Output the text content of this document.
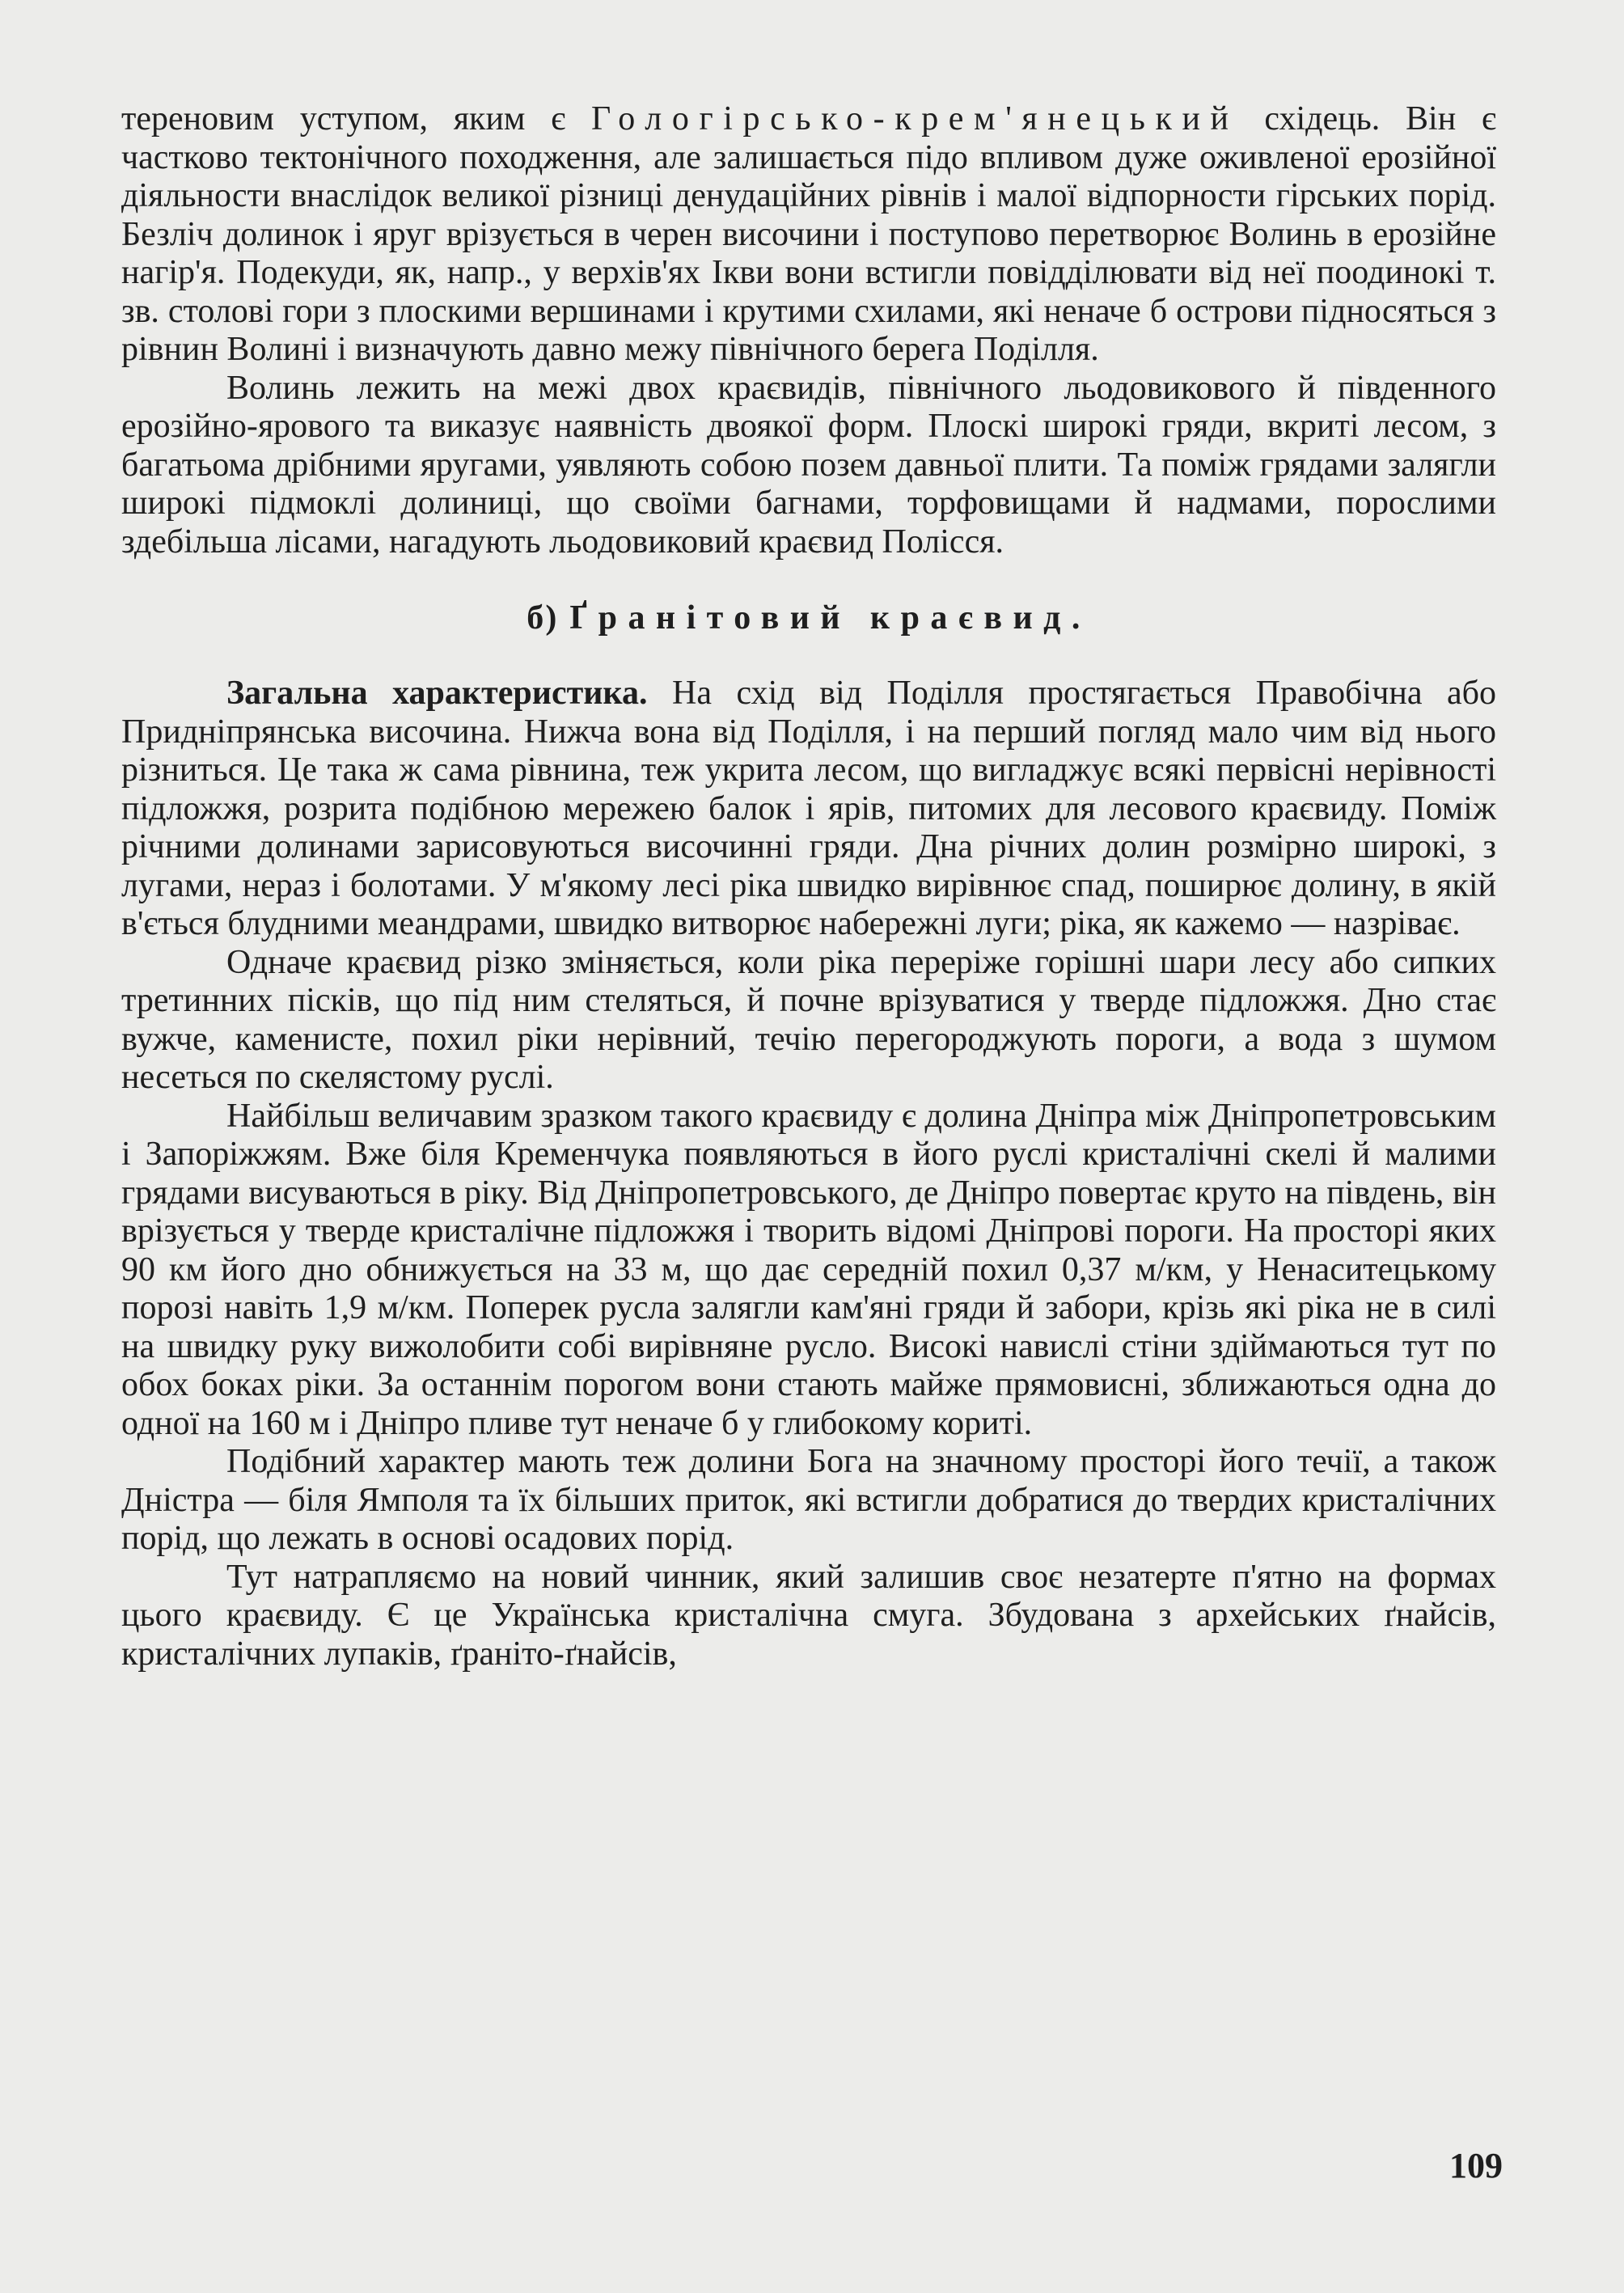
тереновим уступом, яким є Гологірсько-крем'янецький східець. Він є частково тектонічного походження, але залишається підо впливом дуже оживленої ерозійної діяльности внаслідок великої різниці денудаційних рівнів і малої відпорности гірських порід. Безліч долинок і яруг врізується в черен височини і поступово перетворює Волинь в ерозійне нагір'я. Подекуди, як, напр., у верхів'ях Ікви вони встигли повідділювати від неї поодинокі т. зв. столові гори з плоскими вершинами і крутими схилами, які неначе б острови підносяться з рівнин Волині і визначують давно межу північного берега Поділля.

Волинь лежить на межі двох краєвидів, північного льодовикового й південного ерозійно-ярового та виказує наявність двоякої форм. Плоскі широкі гряди, вкриті лесом, з багатьома дрібними яругами, уявляють собою позем давньої плити. Та поміж грядами залягли широкі підмоклі долиниці, що своїми багнами, торфовищами й надмами, порослими здебільша лісами, нагадують льодовиковий краєвид Полісся.

б) Ґранітовий краєвид.

Загальна характеристика. На схід від Поділля простягається Правобічна або Придніпрянська височина. Нижча вона від Поділля, і на перший погляд мало чим від нього різниться. Це така ж сама рівнина, теж укрита лесом, що вигладжує всякі первісні нерівності підложжя, розрита подібною мережею балок і ярів, питомих для лесового краєвиду. Поміж річними долинами зарисовуються височинні гряди. Дна річних долин розмірно широкі, з лугами, нераз і болотами. У м'якому лесі ріка швидко вирівнює спад, поширює долину, в якій в'ється блудними меандрами, швидко витворює набережні луги; ріка, як кажемо — назріває.

Одначе краєвид різко зміняється, коли ріка переріже горішні шари лесу або сипких третинних пісків, що під ним стеляться, й почне врізуватися у тверде підложжя. Дно стає вужче, каменисте, похил ріки нерівний, течію перегороджують пороги, а вода з шумом несеться по скелястому руслі.

Найбільш величавим зразком такого краєвиду є долина Дніпра між Дніпропетровським і Запоріжжям. Вже біля Кременчука появляються в його руслі кристалічні скелі й малими грядами висуваються в ріку. Від Дніпропетровського, де Дніпро повертає круто на південь, він врізується у тверде кристалічне підложжя і творить відомі Дніпрові пороги. На просторі яких 90 км його дно обнижується на 33 м, що дає середній похил 0,37 м/км, у Ненаситецькому порозі навіть 1,9 м/км. Поперек русла залягли кам'яні гряди й забори, крізь які ріка не в силі на швидку руку вижолобити собі вирівняне русло. Високі навислі стіни здіймаються тут по обох боках ріки. За останнім порогом вони стають майже прямовисні, зближаються одна до одної на 160 м і Дніпро пливе тут неначе б у глибокому кориті.

Подібний характер мають теж долини Бога на значному просторі його течії, а також Дністра — біля Ямполя та їх більших приток, які встигли добратися до твердих кристалічних порід, що лежать в основі осадових порід.

Тут натрапляємо на новий чинник, який залишив своє незатерте п'ятно на формах цього краєвиду. Є це Українська кристалічна смуга. Збудована з архейських ґнайсів, кристалічних лупаків, ґраніто-ґнайсів,

109
